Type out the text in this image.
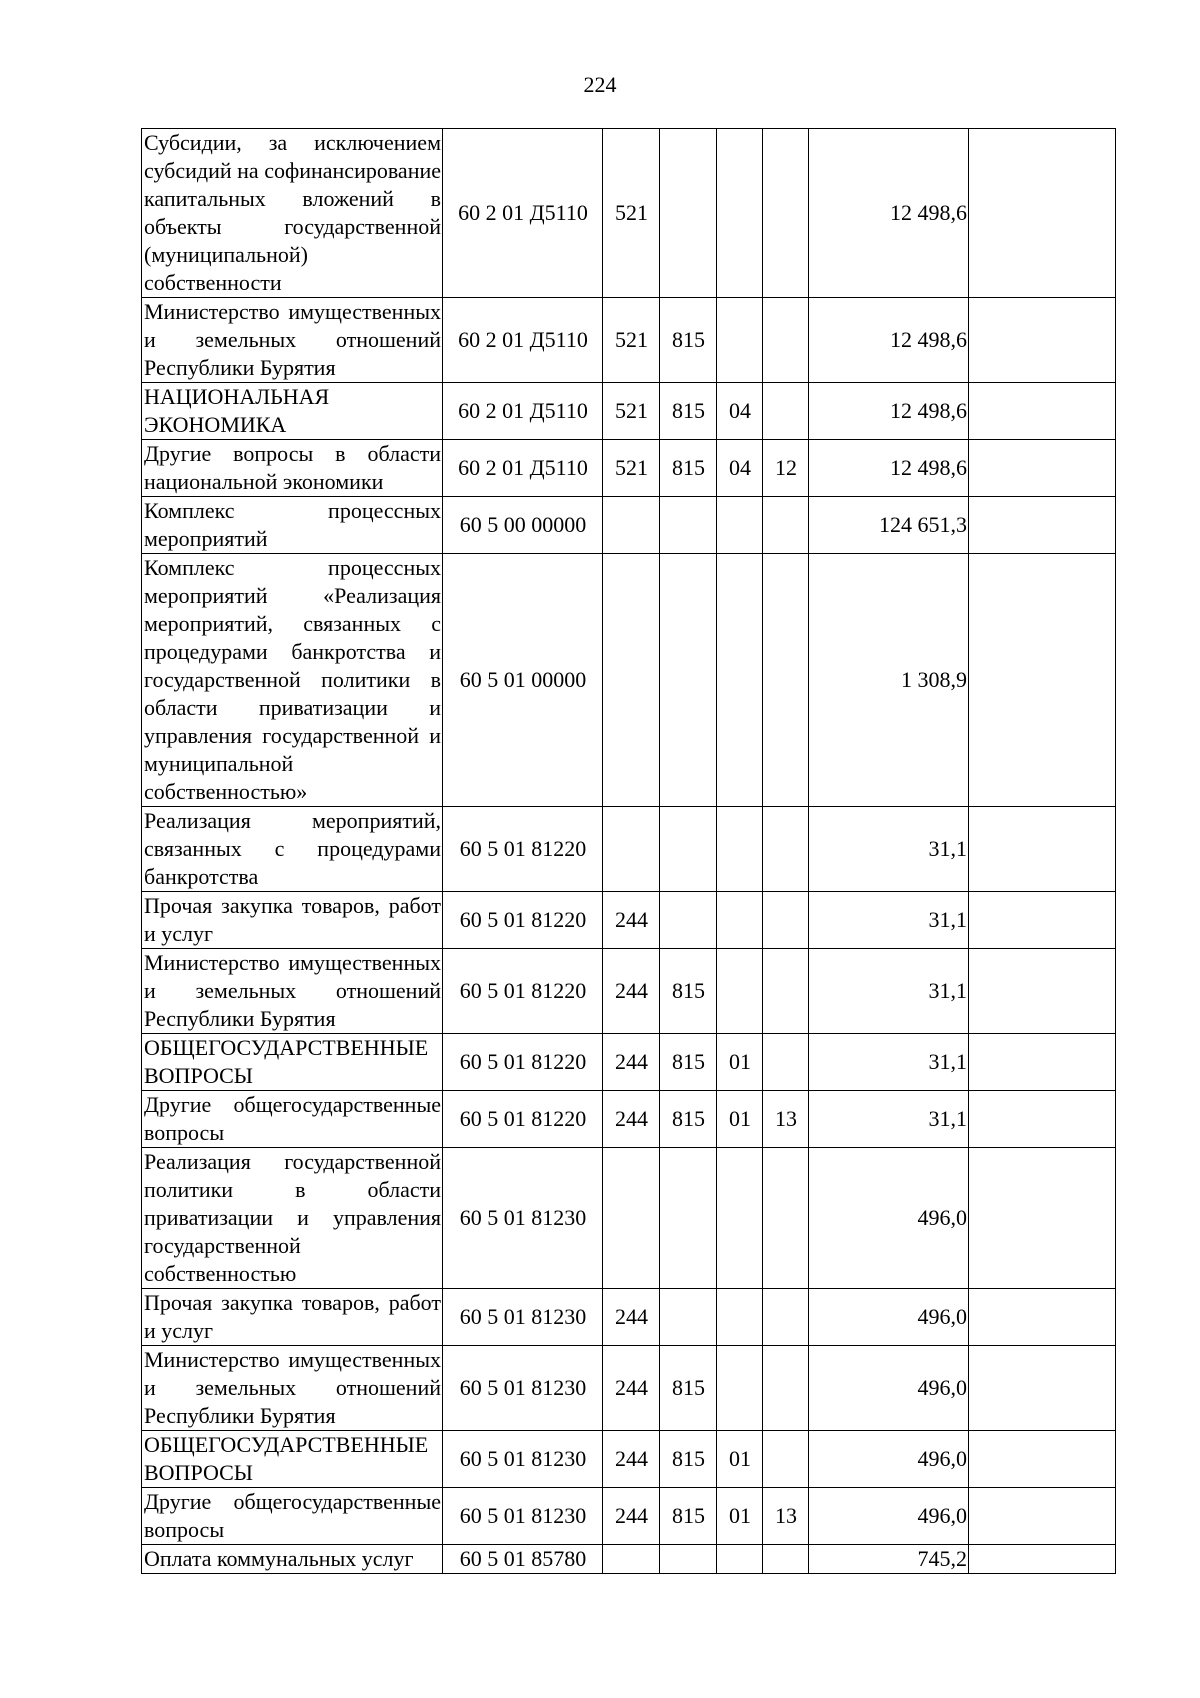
224
Субсидии, за исключением субсидий на софинансирование капитальных вложений в объекты государственной (муниципальной) собственности	60 2 01 Д5110	521				12 498,6	
Министерство имущественных и земельных отношений Республики Бурятия	60 2 01 Д5110	521	815			12 498,6	
НАЦИОНАЛЬНАЯ ЭКОНОМИКА	60 2 01 Д5110	521	815	04		12 498,6	
Другие вопросы в области национальной экономики	60 2 01 Д5110	521	815	04	12	12 498,6	
Комплекс процессных мероприятий	60 5 00 00000					124 651,3	
Комплекс процессных мероприятий «Реализация мероприятий, связанных с процедурами банкротства и государственной политики в области приватизации и управления государственной и муниципальной собственностью»	60 5 01 00000					1 308,9	
Реализация мероприятий, связанных с процедурами банкротства	60 5 01 81220					31,1	
Прочая закупка товаров, работ и услуг	60 5 01 81220	244				31,1	
Министерство имущественных и земельных отношений Республики Бурятия	60 5 01 81220	244	815			31,1	
ОБЩЕГОСУДАРСТВЕННЫЕ ВОПРОСЫ	60 5 01 81220	244	815	01		31,1	
Другие общегосударственные вопросы	60 5 01 81220	244	815	01	13	31,1	
Реализация государственной политики в области приватизации и управления государственной собственностью	60 5 01 81230					496,0	
Прочая закупка товаров, работ и услуг	60 5 01 81230	244				496,0	
Министерство имущественных и земельных отношений Республики Бурятия	60 5 01 81230	244	815			496,0	
ОБЩЕГОСУДАРСТВЕННЫЕ ВОПРОСЫ	60 5 01 81230	244	815	01		496,0	
Другие общегосударственные вопросы	60 5 01 81230	244	815	01	13	496,0	
Оплата коммунальных услуг	60 5 01 85780					745,2	
